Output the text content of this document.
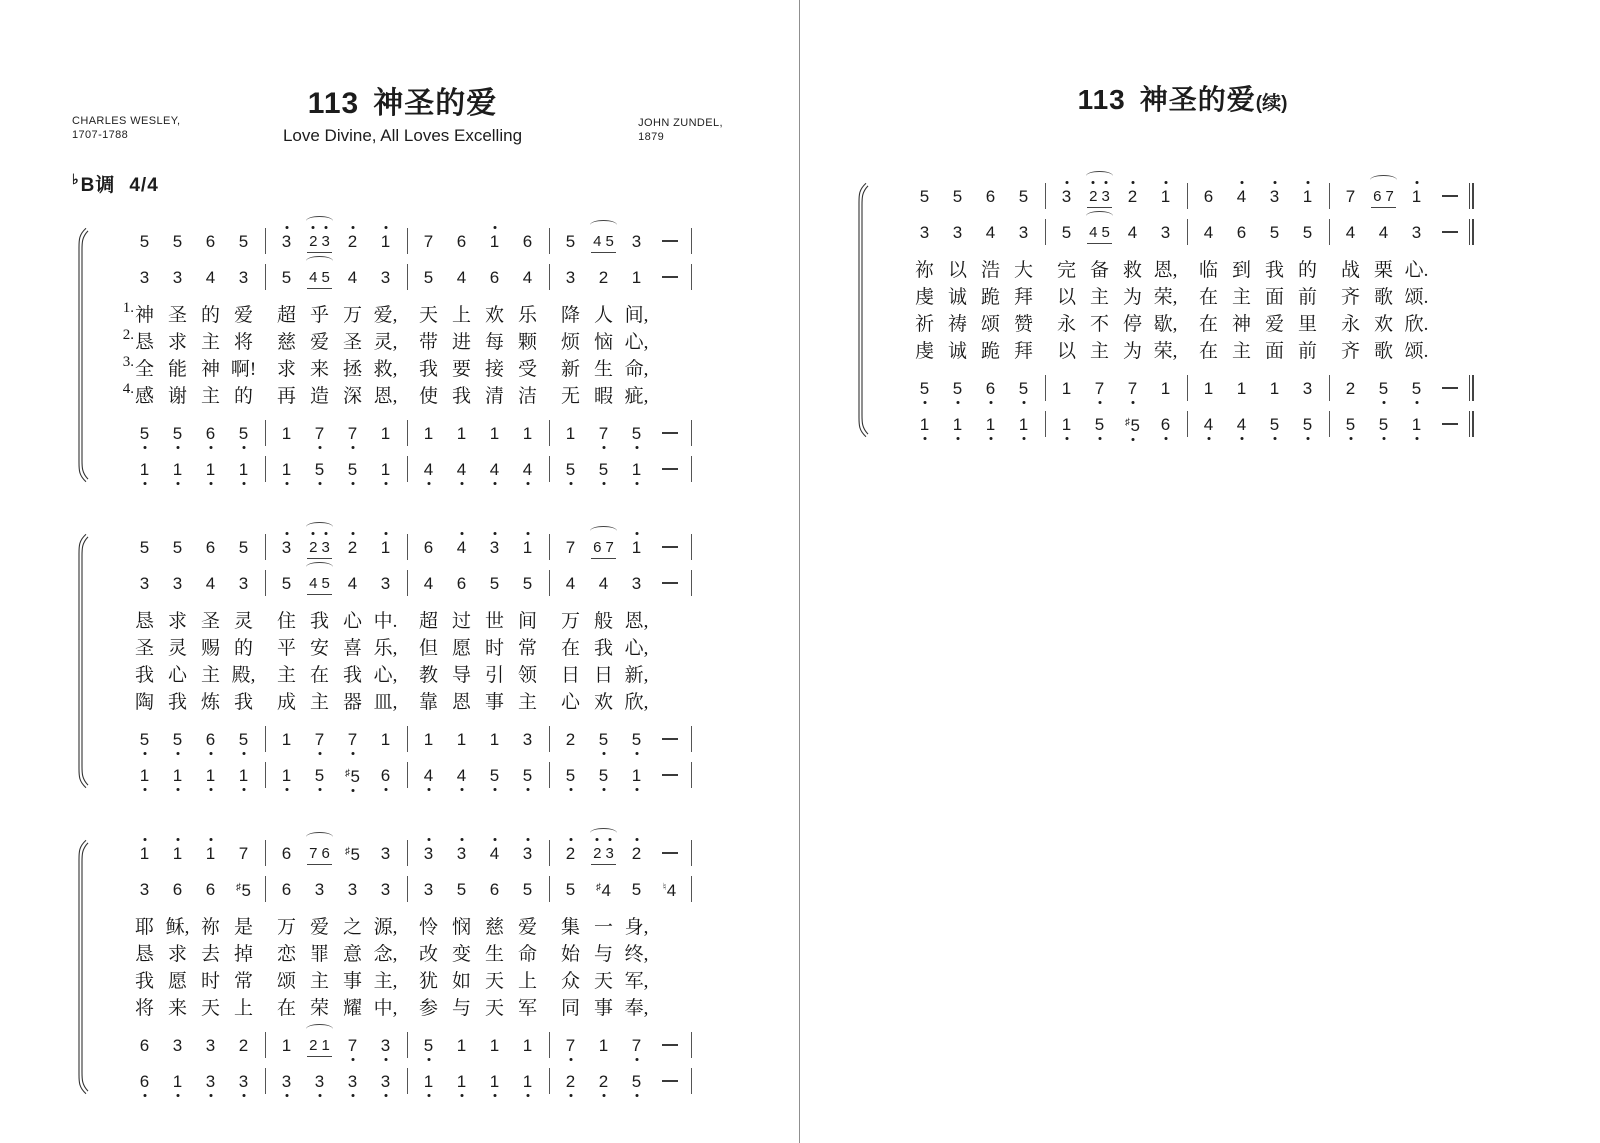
113 神圣的爱
Love Divine, All Loves Excelling
CHARLES WESLEY,
1707-1788
JOHN ZUNDEL,
1879
♭B调 4/4
5 5 6 5 3 2 3 2 1 7 6 1 6 5 4 5 3
3 3 4 3 5 4 5 4 3 5 4 6 4 3 2 1
1. 神 圣 的 爱 超 乎 万 爱, 天 上 欢 乐 降 人 间,
2. 恳 求 主 将 慈 爱 圣 灵, 带 进 每 颗 烦 恼 心,
3. 全 能 神 啊! 求 来 拯 救, 我 要 接 受 新 生 命,
4. 感 谢 主 的 再 造 深 恩, 使 我 清 洁 无 暇 疵,
5 5 6 5 1 7 7 1 1 1 1 1 1 7 5
1 1 1 1 1 5 5 1 4 4 4 4 5 5 1
5 5 6 5 3 2 3 2 1 6 4 3 1 7 6 7 1
3 3 4 3 5 4 5 4 3 4 6 5 5 4 4 3
恳 求 圣 灵 住 我 心 中. 超 过 世 间 万 般 恩,
圣 灵 赐 的 平 安 喜 乐, 但 愿 时 常 在 我 心,
我 心 主 殿, 主 在 我 心, 教 导 引 领 日 日 新,
陶 我 炼 我 成 主 器 皿, 靠 恩 事 主 心 欢 欣,
5 5 6 5 1 7 7 1 1 1 1 3 2 5 5
1 1 1 1 1 5 ♯5 6 4 4 5 5 5 5 1
1 1 1 7 6 7 6 ♯5 3 3 3 4 3 2 2 3 2
3 6 6 ♯5 6 3 3 3 3 5 6 5 5 ♯4 5 ♮4
耶 稣, 祢 是 万 爱 之 源, 怜 悯 慈 爱 集 一 身,
恳 求 去 掉 恋 罪 意 念, 改 变 生 命 始 与 终,
我 愿 时 常 颂 主 事 主, 犹 如 天 上 众 天 军,
将 来 天 上 在 荣 耀 中, 参 与 天 军 同 事 奉,
6 3 3 2 1 2 1 7 3 5 1 1 1 7 1 7
6 1 3 3 3 3 3 3 1 1 1 1 2 2 5
113 神圣的爱(续)
5 5 6 5 3 2 3 2 1 6 4 3 1 7 6 7 1
3 3 4 3 5 4 5 4 3 4 6 5 5 4 4 3
祢 以 浩 大 完 备 救 恩, 临 到 我 的 战 栗 心.
虔 诚 跪 拜 以 主 为 荣, 在 主 面 前 齐 歌 颂.
祈 祷 颂 赞 永 不 停 歇, 在 神 爱 里 永 欢 欣.
虔 诚 跪 拜 以 主 为 荣, 在 主 面 前 齐 歌 颂.
5 5 6 5 1 7 7 1 1 1 1 3 2 5 5
1 1 1 1 1 5 ♯5 6 4 4 5 5 5 5 1
